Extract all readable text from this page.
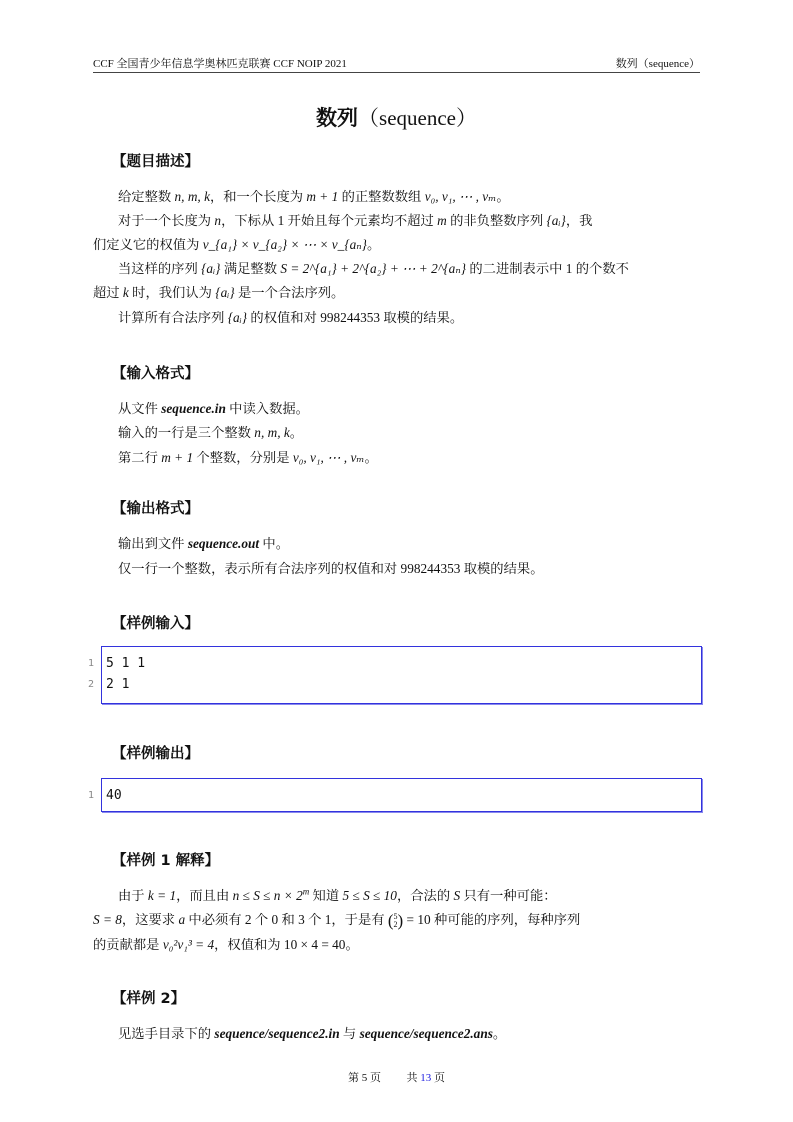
CCF 全国青少年信息学奥林匹克联赛 CCF NOIP 2021	数列（sequence）
数列（sequence）
【题目描述】
给定整数 n, m, k，和一个长度为 m + 1 的正整数数组 v₀, v₁, ⋯ , vₘ。
对于一个长度为 n，下标从 1 开始且每个元素均不超过 m 的非负整数序列 {aᵢ}，我
们定义它的权值为 v_{a₁} × v_{a₂} × ⋯ × v_{aₙ}。
当这样的序列 {aᵢ} 满足整数 S = 2^{a₁} + 2^{a₂} + ⋯ + 2^{aₙ} 的二进制表示中 1 的个数不
超过 k 时，我们认为 {aᵢ} 是一个合法序列。
计算所有合法序列 {aᵢ} 的权值和对 998244353 取模的结果。
【输入格式】
从文件 sequence.in 中读入数据。
输入的一行是三个整数 n, m, k。
第二行 m + 1 个整数，分别是 v₀, v₁, ⋯ , vₘ。
【输出格式】
输出到文件 sequence.out 中。
仅一行一个整数，表示所有合法序列的权值和对 998244353 取模的结果。
【样例输入】
1 5 1 1
2 2 1
【样例输出】
1 40
【样例 1 解释】
由于 k = 1，而且由 $n \le S \le n \times 2^m$ 知道 5 ≤ S ≤ 10，合法的 S 只有一种可能：
S = 8，这要求 a 中必须有 2 个 0 和 3 个 1，于是有 (5
2) = 10 种可能的序列，每种序列
的贡献都是 v₀²v₁³ = 4，权值和为 10 × 4 = 40。
【样例 2】
见选手目录下的 sequence/sequence2.in 与 sequence/sequence2.ans。
第 5 页 共 13 页
